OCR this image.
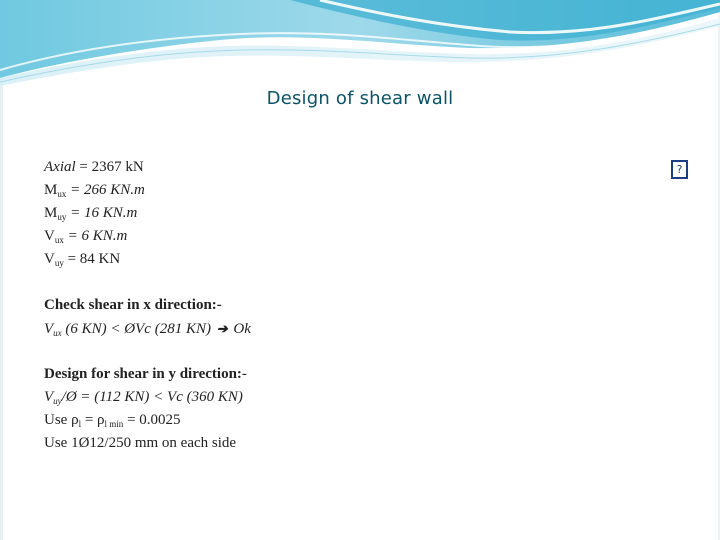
Design of shear wall
Axial = 2367 kN
$M_{ux} = 266$ KN.m
$M_{uy} = 16$ KN.m
$V_{ux} = 6$ KN.m
$V_{uy} = 84$ KN
Check shear in x direction:-
$V_{ux}$ (6 KN) < ØVc (281 KN) ➔ Ok
Design for shear in y direction:-
$V_{uy}/Ø = (112$ KN) < Vc (360 KN)
Use $\rho_l = \rho_{l min} = 0.0025$
Use 1Ø12/250 mm on each side
?
